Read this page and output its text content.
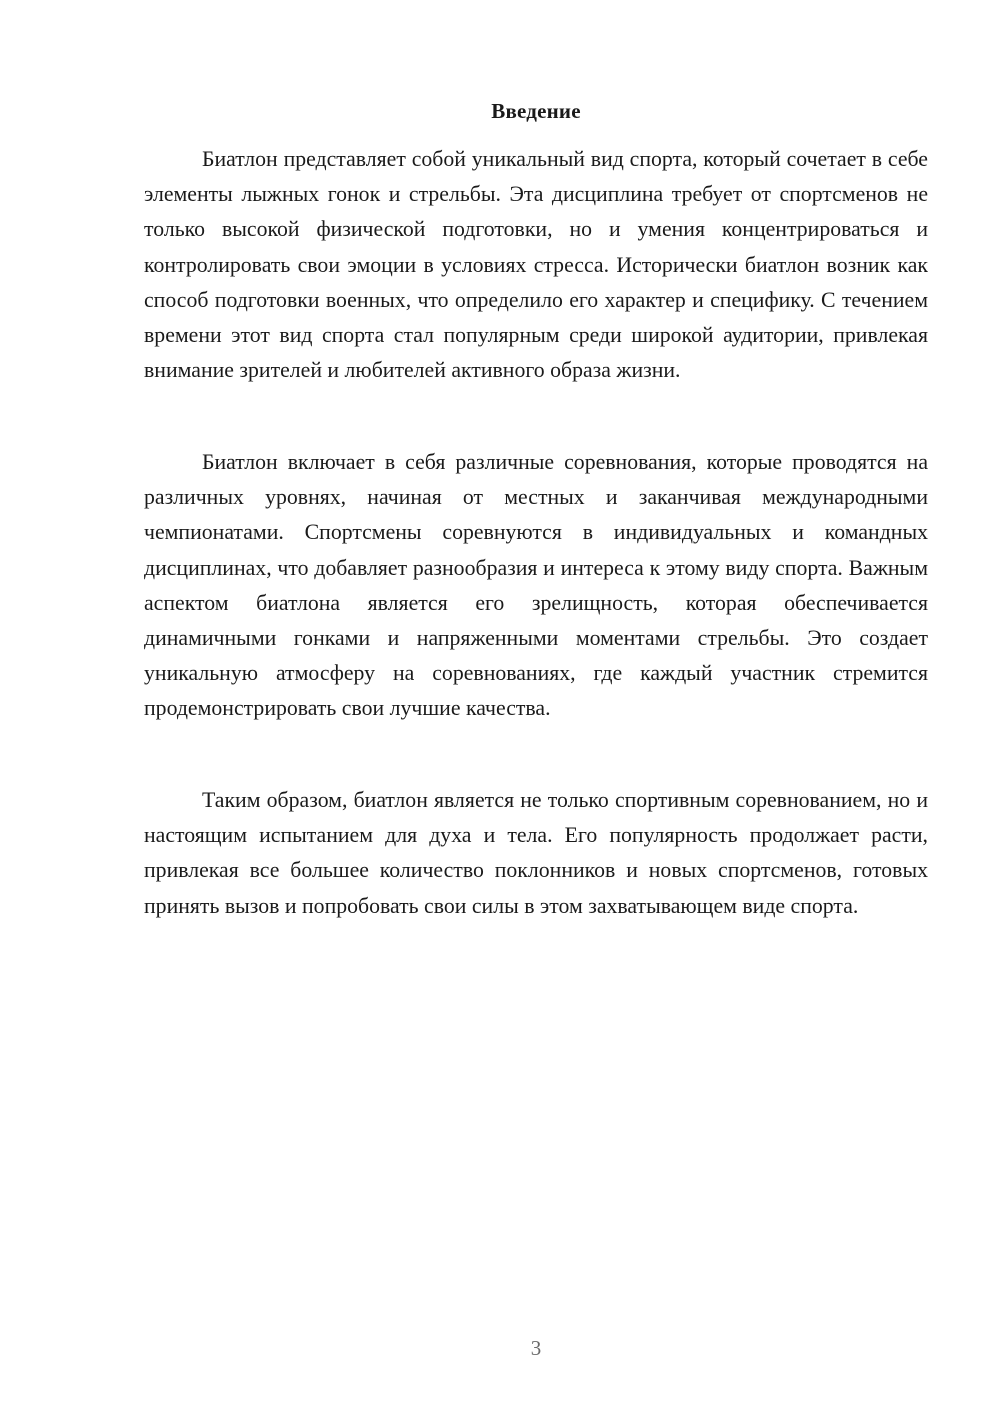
Введение

Биатлон представляет собой уникальный вид спорта, который сочетает в себе элементы лыжных гонок и стрельбы. Эта дисциплина требует от спортсменов не только высокой физической подготовки, но и умения концентрироваться и контролировать свои эмоции в условиях стресса. Исторически биатлон возник как способ подготовки военных, что определило его характер и специфику. С течением времени этот вид спорта стал популярным среди широкой аудитории, привлекая внимание зрителей и любителей активного образа жизни.

Биатлон включает в себя различные соревнования, которые проводятся на различных уровнях, начиная от местных и заканчивая международными чемпионатами. Спортсмены соревнуются в индивидуальных и командных дисциплинах, что добавляет разнообразия и интереса к этому виду спорта. Важным аспектом биатлона является его зрелищность, которая обеспечивается динамичными гонками и напряженными моментами стрельбы. Это создает уникальную атмосферу на соревнованиях, где каждый участник стремится продемонстрировать свои лучшие качества.

Таким образом, биатлон является не только спортивным соревнованием, но и настоящим испытанием для духа и тела. Его популярность продолжает расти, привлекая все большее количество поклонников и новых спортсменов, готовых принять вызов и попробовать свои силы в этом захватывающем виде спорта.

3
